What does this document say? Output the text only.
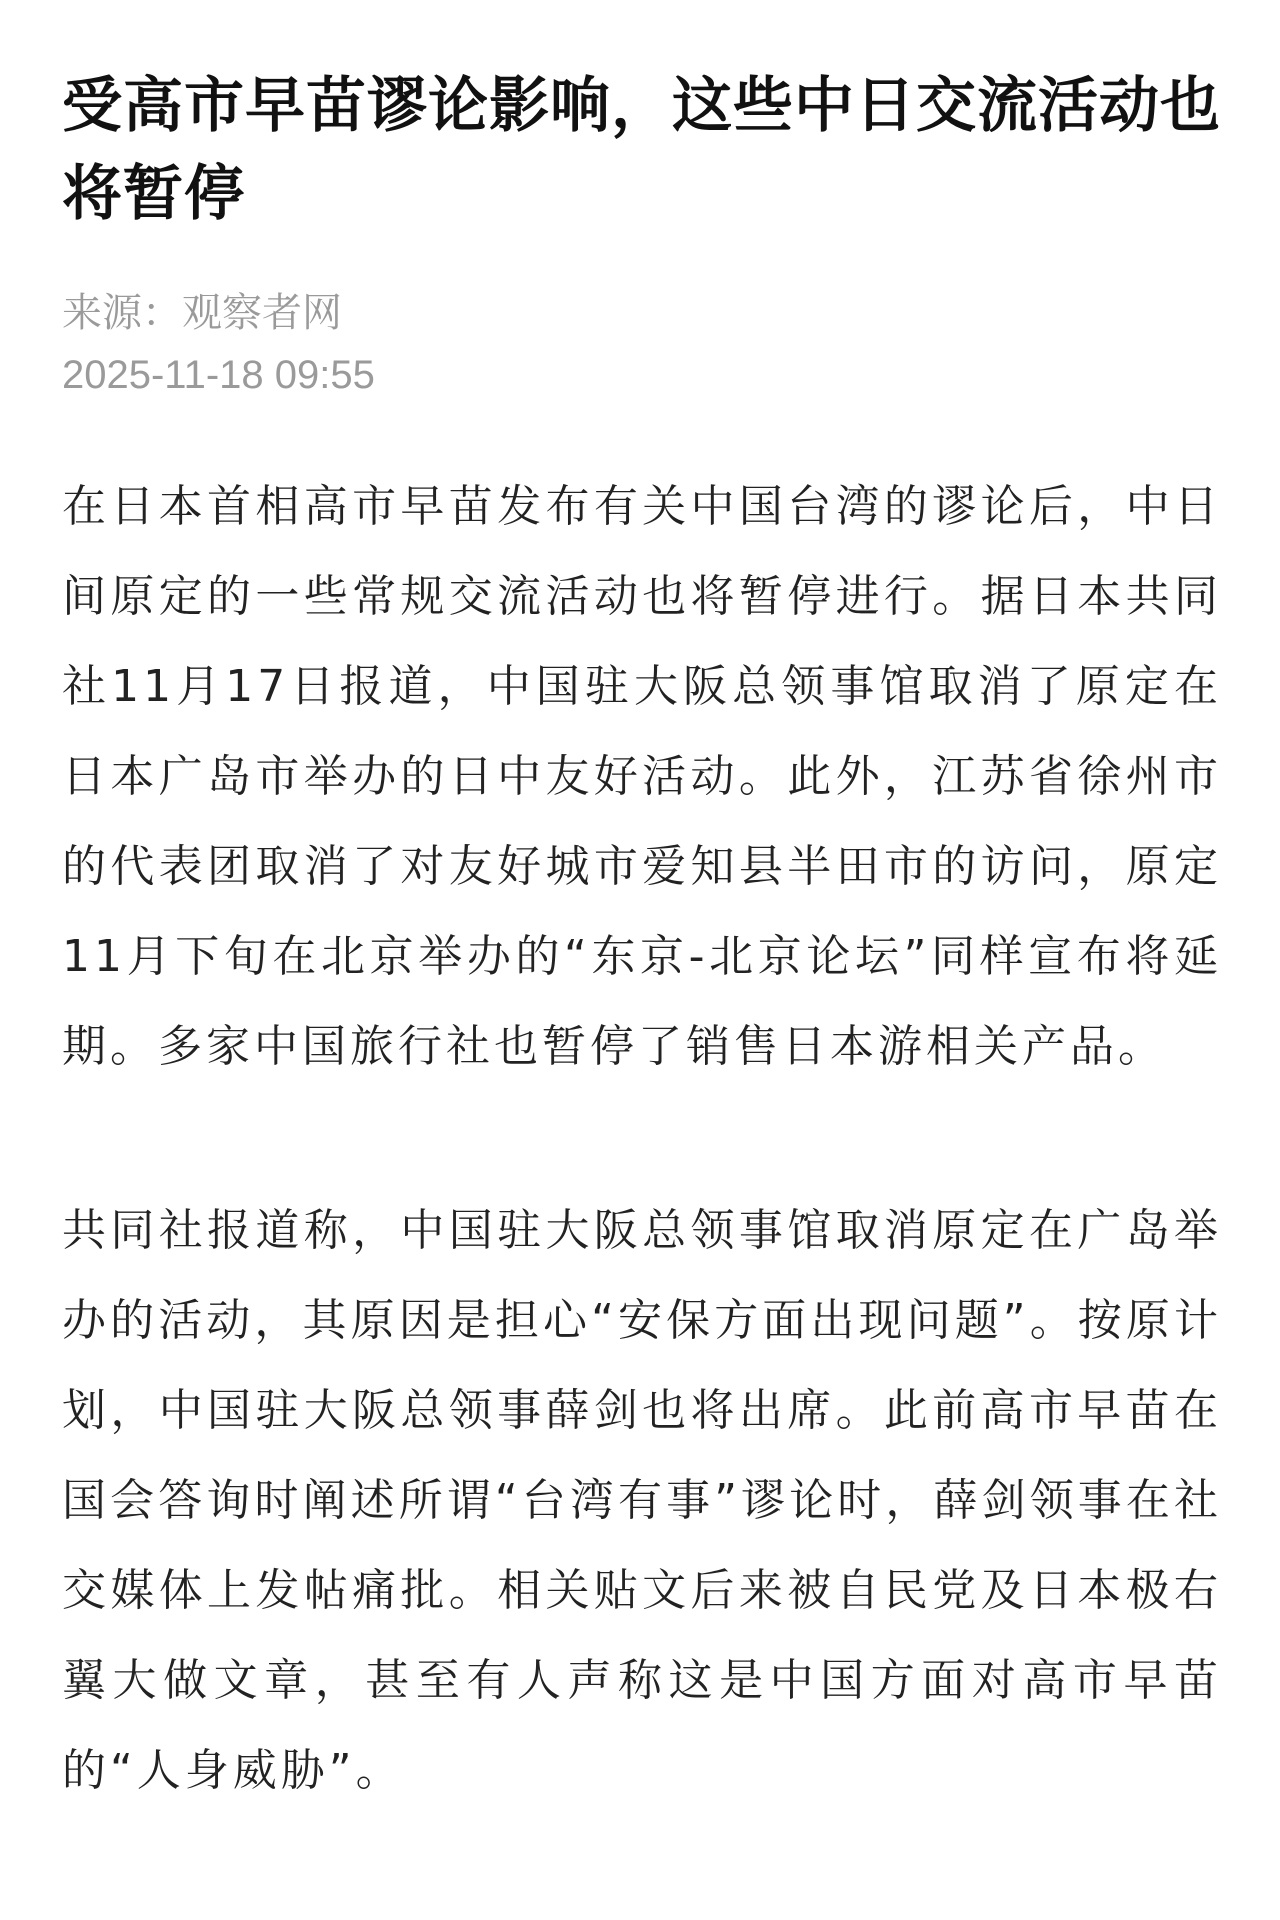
受高市早苗谬论影响，这些中日交流活动也将暂停
来源：观察者网
2025-11-18 09:55

在日本首相高市早苗发布有关中国台湾的谬论后，中日间原定的一些常规交流活动也将暂停进行。据日本共同社11月17日报道，中国驻大阪总领事馆取消了原定在日本广岛市举办的日中友好活动。此外，江苏省徐州市的代表团取消了对友好城市爱知县半田市的访问，原定11月下旬在北京举办的“东京-北京论坛”同样宣布将延期。多家中国旅行社也暂停了销售日本游相关产品。

共同社报道称，中国驻大阪总领事馆取消原定在广岛举办的活动，其原因是担心“安保方面出现问题”。按原计划，中国驻大阪总领事薛剑也将出席。此前高市早苗在国会答询时阐述所谓“台湾有事”谬论时，薛剑领事在社交媒体上发帖痛批。相关贴文后来被自民党及日本极右翼大做文章，甚至有人声称这是中国方面对高市早苗的“人身威胁”。
